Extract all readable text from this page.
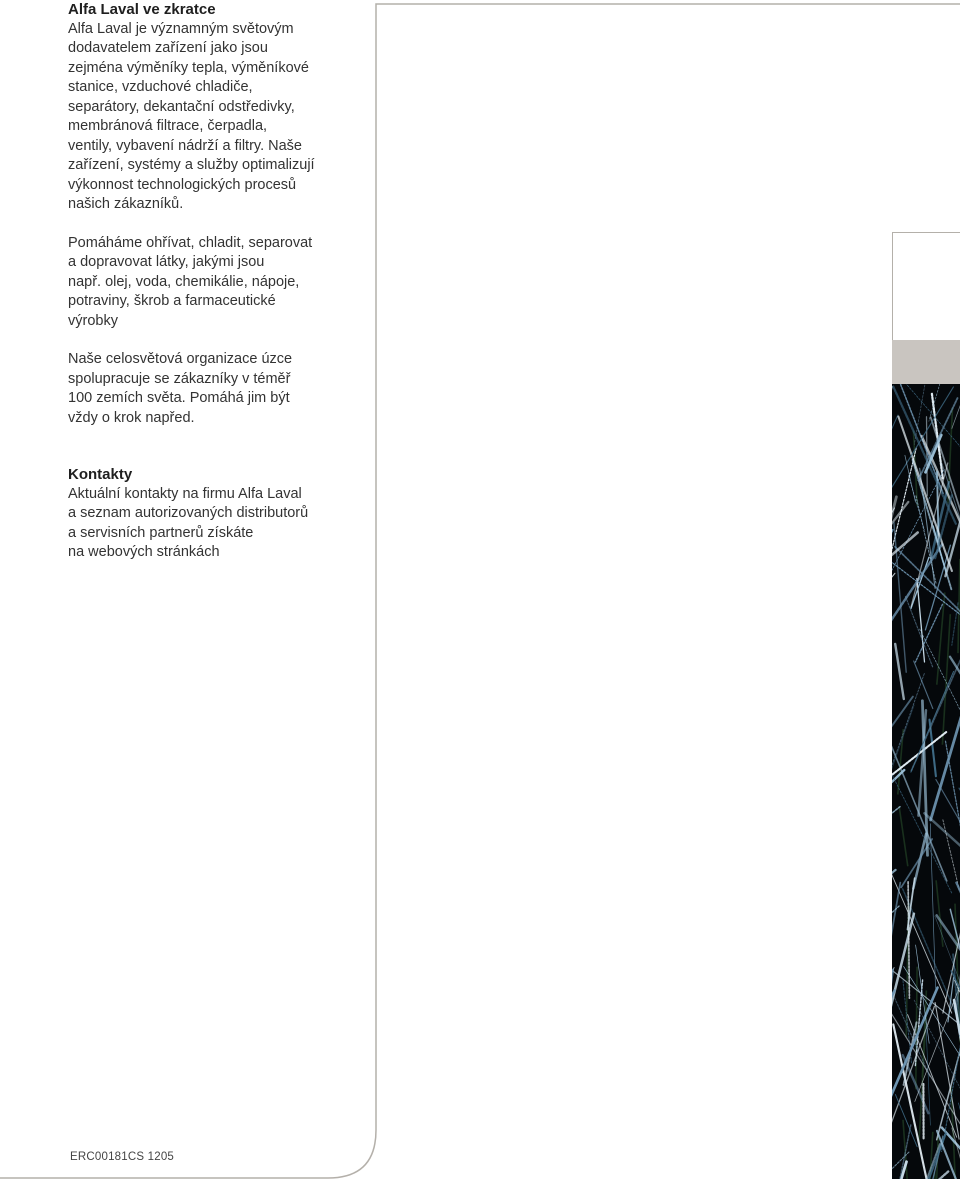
Alfa Laval ve zkratce

Alfa Laval je významným světovým
dodavatelem zařízení jako jsou
zejména výměníky tepla, výměníkové
stanice, vzduchové chladiče,
separátory, dekantační odstředivky,
membránová filtrace, čerpadla,
ventily, vybavení nádrží a filtry. Naše
zařízení, systémy a služby optimalizují
výkonnost technologických procesů
našich zákazníků.

Pomáháme ohřívat, chladit, separovat
a dopravovat látky, jakými jsou
např. olej, voda, chemikálie, nápoje,
potraviny, škrob a farmaceutické
výrobky

Naše celosvětová organizace úzce
spolupracuje se zákazníky v téměř
100 zemích světa. Pomáhá jim být
vždy o krok napřed.

Kontakty

Aktuální kontakty na firmu Alfa Laval
a seznam autorizovaných distributorů
a servisních partnerů získáte
na webových stránkách

ERC00181CS 1205
